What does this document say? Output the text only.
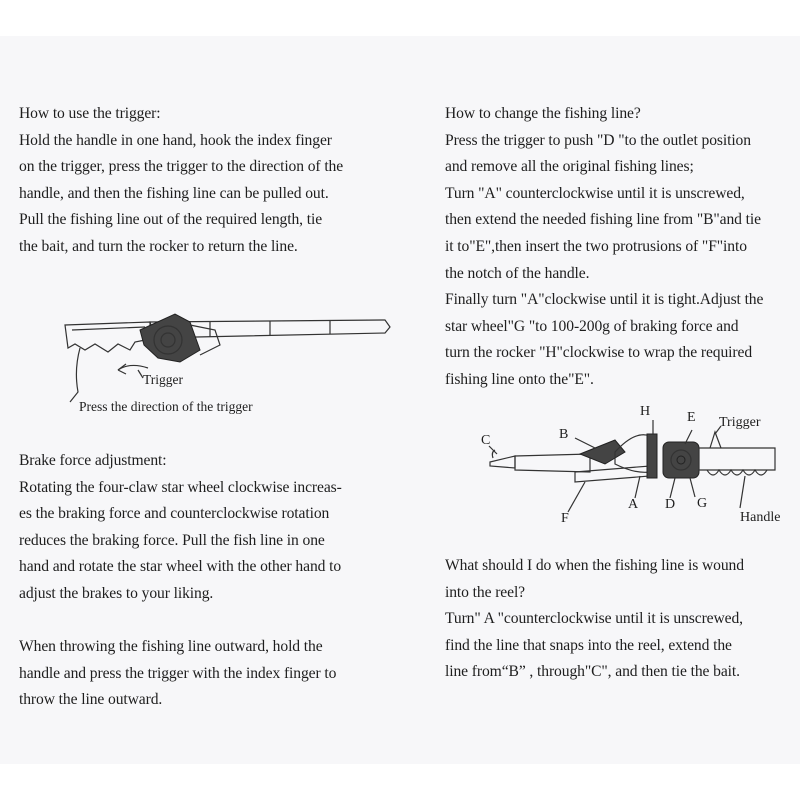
How to use the trigger:
Hold the handle in one hand, hook the index finger
on the trigger, press the trigger to the direction of the
handle, and then the fishing line can be pulled out.
Pull the fishing line out of the required length, tie
the bait, and turn the rocker to return the line.
Brake force adjustment:
Rotating the four-claw star wheel clockwise increas-
es the braking force and counterclockwise rotation
reduces the braking force. Pull the fish line in one
hand and rotate the star wheel with the other hand to
adjust the brakes to your liking.
When throwing the fishing line outward, hold the
handle and press the trigger with the index finger to
throw the line outward.
Trigger
Press the direction of the trigger
How to change the fishing line?
Press the trigger to push "D "to the outlet position
and remove all the original fishing lines;
Turn "A" counterclockwise until it is unscrewed,
then extend the needed fishing line from "B"and tie
it to"E",then insert the two protrusions of "F"into
the notch of the handle.
Finally turn "A"clockwise until it is tight.Adjust the
star wheel"G "to 100-200g of braking force and
turn the rocker "H"clockwise to wrap the required
fishing line onto the"E".
What should I do when the fishing line is wound
into the reel?
Turn" A "counterclockwise until it is unscrewed,
find the line that snaps into the reel, extend the
line from“B” , through"C", and then tie the bait.
H	E Trigger
B
C
A D G
F	Handle
